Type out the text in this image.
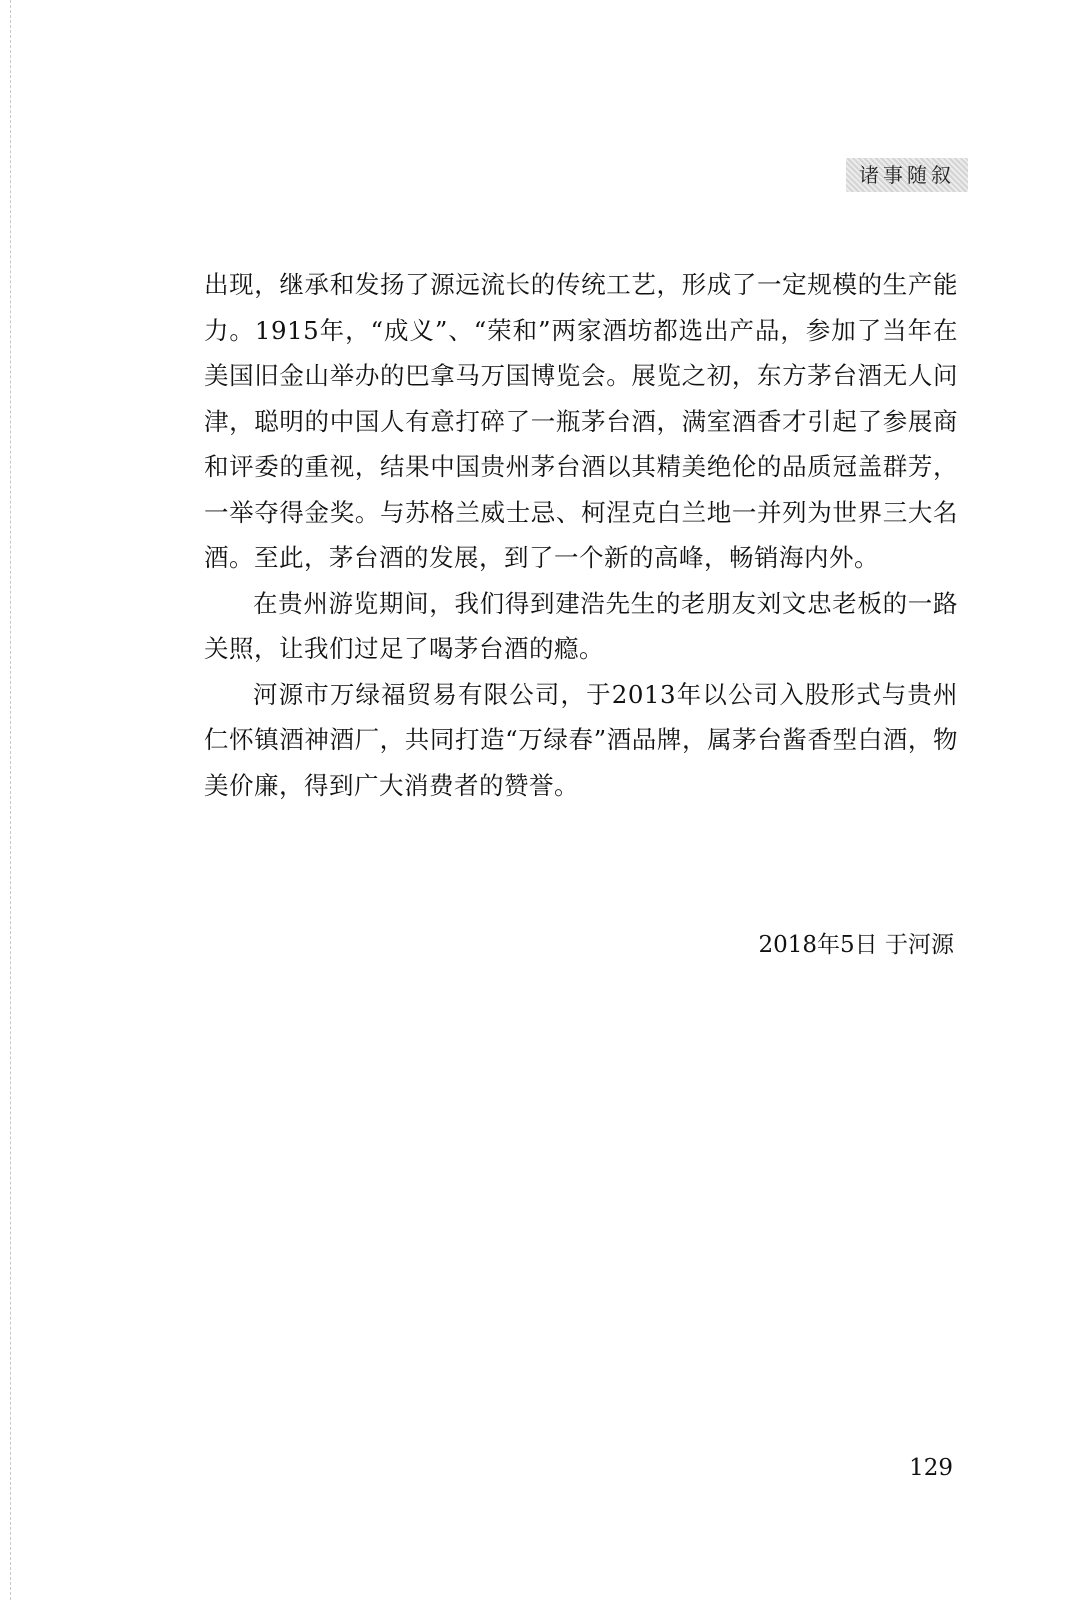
诸事随叙

出现，继承和发扬了源远流长的传统工艺，形成了一定规模的生产能力。1915年，“成义”、“荣和”两家酒坊都选出产品，参加了当年在美国旧金山举办的巴拿马万国博览会。展览之初，东方茅台酒无人问津，聪明的中国人有意打碎了一瓶茅台酒，满室酒香才引起了参展商和评委的重视，结果中国贵州茅台酒以其精美绝伦的品质冠盖群芳，一举夺得金奖。与苏格兰威士忌、柯涅克白兰地一并列为世界三大名酒。至此，茅台酒的发展，到了一个新的高峰，畅销海内外。

在贵州游览期间，我们得到建浩先生的老朋友刘文忠老板的一路关照，让我们过足了喝茅台酒的瘾。

河源市万绿福贸易有限公司，于2013年以公司入股形式与贵州仁怀镇酒神酒厂，共同打造“万绿春”酒品牌，属茅台酱香型白酒，物美价廉，得到广大消费者的赞誉。

2018年5日 于河源
129
